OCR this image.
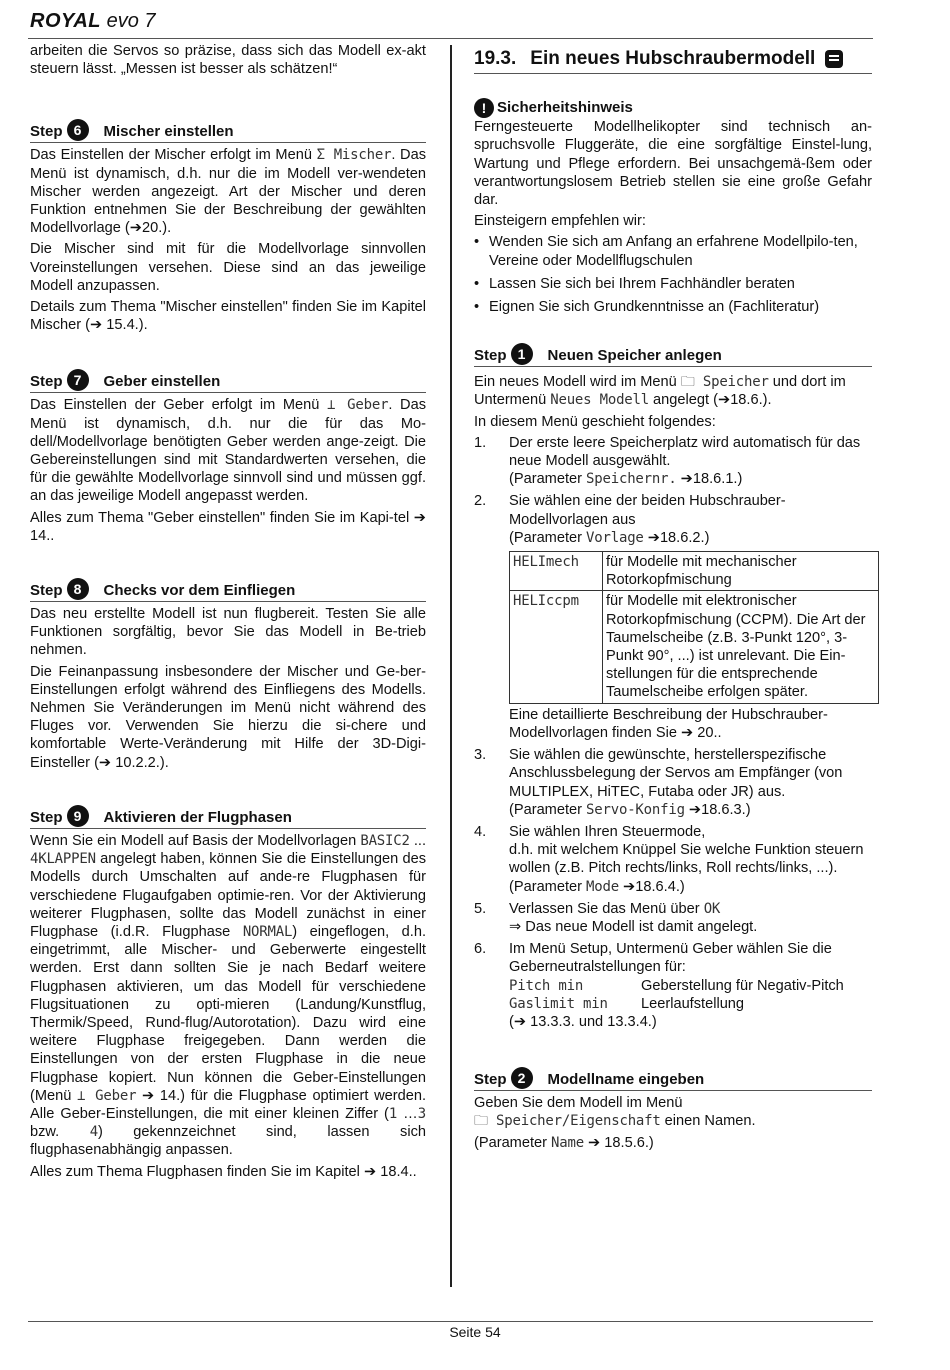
ROYAL evo 7

arbeiten die Servos so präzise, dass sich das Modell ex-akt steuern lässt. „Messen ist besser als schätzen!“

Step 6	Mischer einstellen

Das Einstellen der Mischer erfolgt im Menü Σ Mischer. Das Menü ist dynamisch, d.h. nur die im Modell ver-wendeten Mischer werden angezeigt. Art der Mischer und deren Funktion entnehmen Sie der Beschreibung der gewählten Modellvorlage (➔20.).

Die Mischer sind mit für die Modellvorlage sinnvollen Voreinstellungen versehen. Diese sind an das jeweilige Modell anzupassen.

Details zum Thema "Mischer einstellen" finden Sie im Kapitel Mischer (➔ 15.4.).

Step 7	Geber einstellen

Das Einstellen der Geber erfolgt im Menü ⊥ Geber. Das Menü ist dynamisch, d.h. nur die für das Mo-dell/Modellvorlage benötigten Geber werden ange-zeigt. Die Gebereinstellungen sind mit Standardwerten versehen, die für die gewählte Modellvorlage sinnvoll sind und müssen ggf. an das jeweilige Modell angepasst werden.

Alles zum Thema "Geber einstellen" finden Sie im Kapi-tel ➔ 14..

Step 8	Checks vor dem Einfliegen

Das neu erstellte Modell ist nun flugbereit. Testen Sie alle Funktionen sorgfältig, bevor Sie das Modell in Be-trieb nehmen.

Die Feinanpassung insbesondere der Mischer und Ge-ber-Einstellungen erfolgt während des Einfliegens des Modells. Nehmen Sie Veränderungen im Menü nicht während des Fluges vor. Verwenden Sie hierzu die si-chere und komfortable Werte-Veränderung mit Hilfe der 3D-Digi-Einsteller (➔ 10.2.2.).

Step 9	Aktivieren der Flugphasen

Wenn Sie ein Modell auf Basis der Modellvorlagen BASIC2 ... 4KLAPPEN angelegt haben, können Sie die Einstellungen des Modells durch Umschalten auf ande-re Flugphasen für verschiedene Flugaufgaben optimie-ren. Vor der Aktivierung weiterer Flugphasen, sollte das Modell zunächst in einer Flugphase (i.d.R. Flugphase NORMAL) eingeflogen, d.h. eingetrimmt, alle Mischer- und Geberwerte eingestellt werden. Erst dann sollten Sie je nach Bedarf weitere Flugphasen aktivieren, um das Modell für verschiedene Flugsituationen zu opti-mieren (Landung/Kunstflug, Thermik/Speed, Rund-flug/Autorotation). Dazu wird eine weitere Flugphase freigegeben. Dann werden die Einstellungen von der ersten Flugphase in die neue Flugphase kopiert. Nun können die Geber-Einstellungen (Menü ⊥ Geber ➔ 14.) für die Flugphase optimiert werden. Alle Geber-Einstellungen, die mit einer kleinen Ziffer (1 …3 bzw. 4) gekennzeichnet sind, lassen sich flugphasenabhängig anpassen.

Alles zum Thema Flugphasen finden Sie im Kapitel ➔ 18.4..

19.3. Ein neues Hubschraubermodell
! Sicherheitshinweis

Ferngesteuerte Modellhelikopter sind technisch an-spruchsvolle Fluggeräte, die eine sorgfältige Einstel-lung, Wartung und Pflege erfordern. Bei unsachgemä-ßem oder verantwortungslosem Betrieb stellen sie eine große Gefahr dar.

Einsteigern empfehlen wir:

• Wenden Sie sich am Anfang an erfahrene Modellpilo-ten, Vereine oder Modellflugschulen
• Lassen Sie sich bei Ihrem Fachhändler beraten
• Eignen Sie sich Grundkenntnisse an (Fachliteratur)
Step 1	Neuen Speicher anlegen

Ein neues Modell wird im Menü 🗀 Speicher und dort im Untermenü Neues Modell angelegt (➔18.6.).

In diesem Menü geschieht folgendes:

1.	Der erste leere Speicherplatz wird automatisch für das neue Modell ausgewählt.
(Parameter Speichernr. ➔18.6.1.)
2.	Sie wählen eine der beiden Hubschrauber-Modellvorlagen aus
(Parameter Vorlage ➔18.6.2.)
HELImech	für Modelle mit mechanischer Rotorkopfmischung
HELIccpm	für Modelle mit elektronischer Rotorkopfmischung (CCPM). Die Art der Taumelscheibe (z.B. 3-Punkt 120°, 3-Punkt 90°, ...) ist unrelevant. Die Ein-stellungen für die entsprechende Taumelscheibe erfolgen später.
Eine detaillierte Beschreibung der Hubschrauber-Modellvorlagen finden Sie ➔ 20..
3.	Sie wählen die gewünschte, herstellerspezifische Anschlussbelegung der Servos am Empfänger (von MULTIPLEX, HiTEC, Futaba oder JR) aus.
(Parameter Servo-Konfig ➔18.6.3.)
4.	Sie wählen Ihren Steuermode,
d.h. mit welchem Knüppel Sie welche Funktion steuern wollen (z.B. Pitch rechts/links, Roll rechts/links, ...).
(Parameter Mode ➔18.6.4.)
5.	Verlassen Sie das Menü über OK
⇒ Das neue Modell ist damit angelegt.
6.	Im Menü Setup, Untermenü Geber wählen Sie die Geberneutralstellungen für:
Pitch min	Geberstellung für Negativ-Pitch
Gaslimit min	Leerlaufstellung
(➔ 13.3.3. und 13.3.4.)
Step 2	Modellname eingeben

Geben Sie dem Modell im Menü
🗀 Speicher/Eigenschaft einen Namen.

(Parameter Name ➔ 18.5.6.)

Seite 54
